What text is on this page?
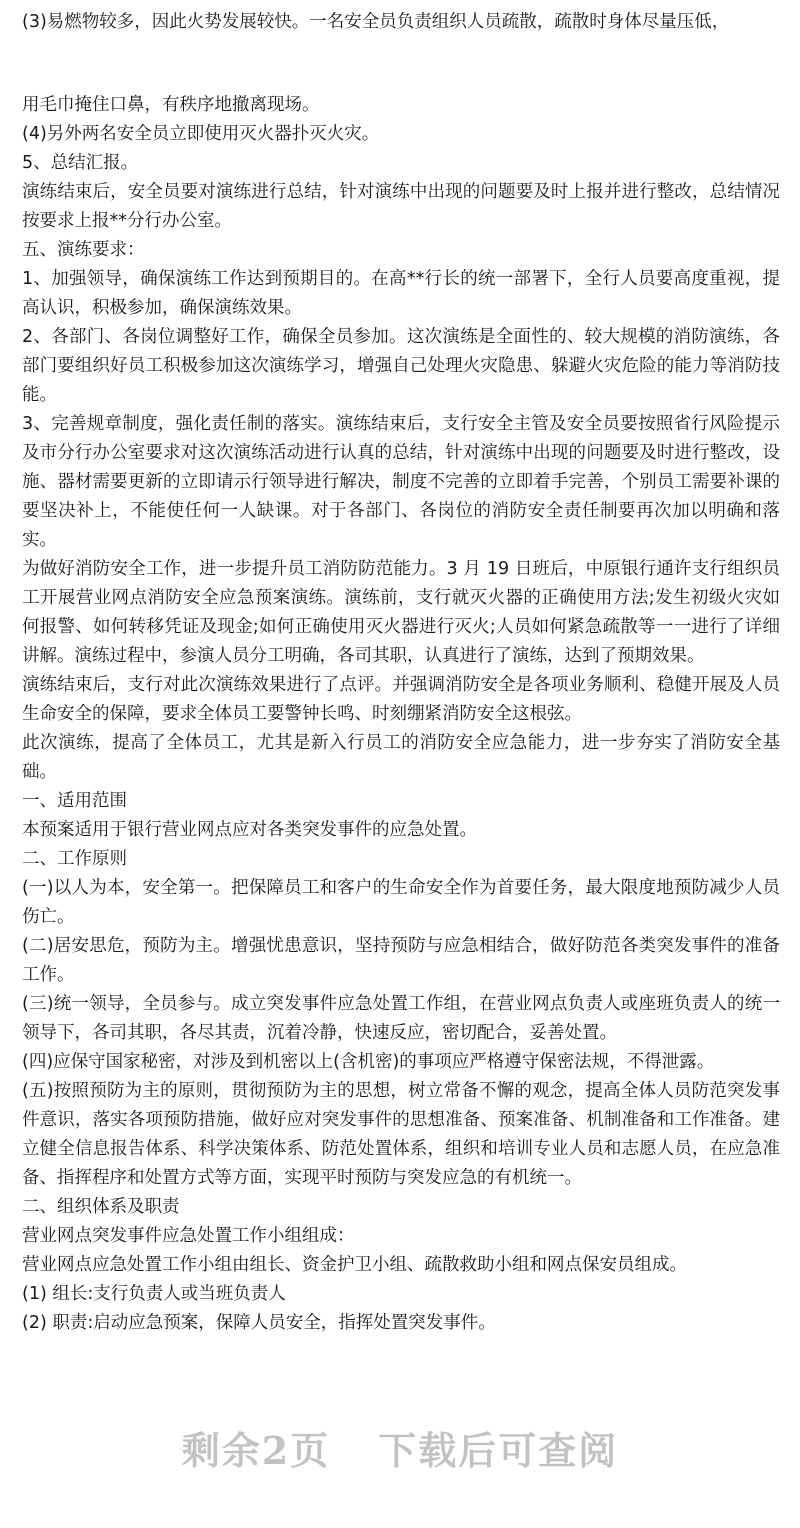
(3)易燃物较多，因此火势发展较快。一名安全员负责组织人员疏散，疏散时身体尽量压低，

用毛巾掩住口鼻，有秩序地撤离现场。

(4)另外两名安全员立即使用灭火器扑灭火灾。

5、总结汇报。

演练结束后，安全员要对演练进行总结，针对演练中出现的问题要及时上报并进行整改，总结情况按要求上报**分行办公室。

五、演练要求：

1、加强领导，确保演练工作达到预期目的。在高**行长的统一部署下，全行人员要高度重视，提高认识，积极参加，确保演练效果。

2、各部门、各岗位调整好工作，确保全员参加。这次演练是全面性的、较大规模的消防演练，各部门要组织好员工积极参加这次演练学习，增强自己处理火灾隐患、躲避火灾危险的能力等消防技能。

3、完善规章制度，强化责任制的落实。演练结束后，支行安全主管及安全员要按照省行风险提示及市分行办公室要求对这次演练活动进行认真的总结，针对演练中出现的问题要及时进行整改，设施、器材需要更新的立即请示行领导进行解决，制度不完善的立即着手完善，个别员工需要补课的要坚决补上，不能使任何一人缺课。对于各部门、各岗位的消防安全责任制要再次加以明确和落实。

为做好消防安全工作，进一步提升员工消防防范能力。3 月 19 日班后，中原银行通许支行组织员工开展营业网点消防安全应急预案演练。演练前，支行就灭火器的正确使用方法;发生初级火灾如何报警、如何转移凭证及现金;如何正确使用灭火器进行灭火;人员如何紧急疏散等一一进行了详细讲解。演练过程中，参演人员分工明确，各司其职，认真进行了演练，达到了预期效果。

演练结束后，支行对此次演练效果进行了点评。并强调消防安全是各项业务顺利、稳健开展及人员生命安全的保障，要求全体员工要警钟长鸣、时刻绷紧消防安全这根弦。

此次演练，提高了全体员工，尤其是新入行员工的消防安全应急能力，进一步夯实了消防安全基础。

一、适用范围

本预案适用于银行营业网点应对各类突发事件的应急处置。

二、工作原则

(一)以人为本，安全第一。把保障员工和客户的生命安全作为首要任务，最大限度地预防减少人员伤亡。

(二)居安思危，预防为主。增强忧患意识，坚持预防与应急相结合，做好防范各类突发事件的准备工作。

(三)统一领导，全员参与。成立突发事件应急处置工作组，在营业网点负责人或座班负责人的统一领导下，各司其职，各尽其责，沉着冷静，快速反应，密切配合，妥善处置。

(四)应保守国家秘密，对涉及到机密以上(含机密)的事项应严格遵守保密法规，不得泄露。

(五)按照预防为主的原则，贯彻预防为主的思想，树立常备不懈的观念，提高全体人员防范突发事件意识，落实各项预防措施，做好应对突发事件的思想准备、预案准备、机制准备和工作准备。建立健全信息报告体系、科学决策体系、防范处置体系，组织和培训专业人员和志愿人员，在应急准备、指挥程序和处置方式等方面，实现平时预防与突发应急的有机统一。

二、组织体系及职责

营业网点突发事件应急处置工作小组组成：

营业网点应急处置工作小组由组长、资金护卫小组、疏散救助小组和网点保安员组成。

(1) 组长:支行负责人或当班负责人

(2) 职责:启动应急预案，保障人员安全，指挥处置突发事件。

剩余2页 下载后可查阅
